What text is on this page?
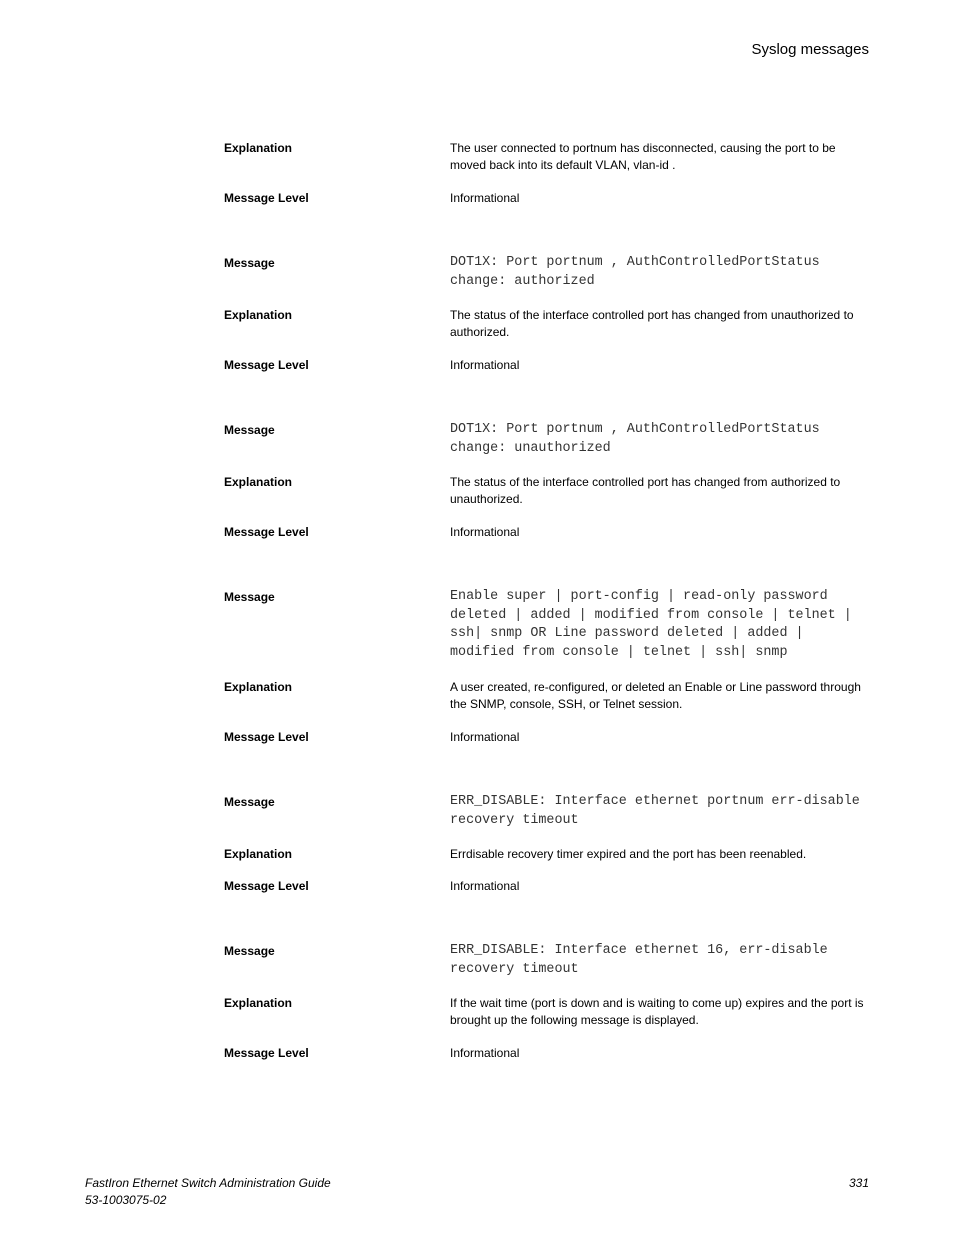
Syslog messages
Explanation	The user connected to portnum has disconnected, causing the port to be moved back into its default VLAN, vlan-id .
Message Level	Informational
Message	DOT1X: Port portnum , AuthControlledPortStatus change: authorized
Explanation	The status of the interface controlled port has changed from unauthorized to authorized.
Message Level	Informational
Message	DOT1X: Port portnum , AuthControlledPortStatus change: unauthorized
Explanation	The status of the interface controlled port has changed from authorized to unauthorized.
Message Level	Informational
Message	Enable super | port-config | read-only password deleted | added | modified from console | telnet | ssh| snmp OR Line password deleted | added | modified from console | telnet | ssh| snmp
Explanation	A user created, re-configured, or deleted an Enable or Line password through the SNMP, console, SSH, or Telnet session.
Message Level	Informational
Message	ERR_DISABLE: Interface ethernet portnum err-disable recovery timeout
Explanation	Errdisable recovery timer expired and the port has been reenabled.
Message Level	Informational
Message	ERR_DISABLE: Interface ethernet 16, err-disable recovery timeout
Explanation	If the wait time (port is down and is waiting to come up) expires and the port is brought up the following message is displayed.
Message Level	Informational
FastIron Ethernet Switch Administration Guide
53-1003075-02
331
